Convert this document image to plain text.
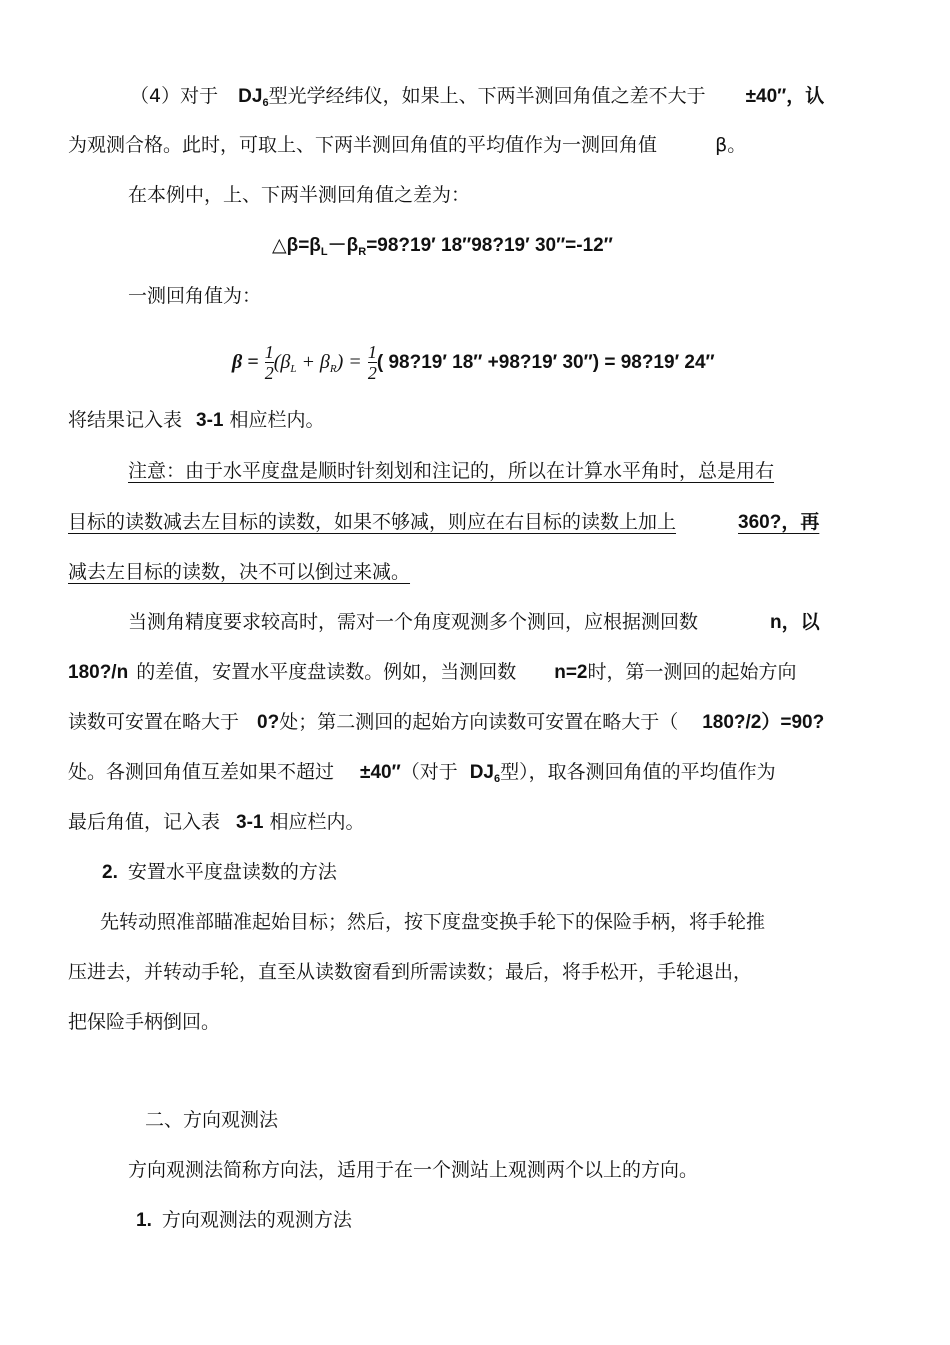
（4）对于 $DJ_6$型光学经纬仪，如果上、下两半测回角值之差不大于 ±40″，认
为观测合格。此时，可取上、下两半测回角值的平均值作为一测回角值	β。
在本例中，上、下两半测回角值之差为：
$\triangle\beta=\beta_L-\beta_R=98?19'$ 18″98?19′ 30″=-12″
一测回角值为：
$\beta = \frac{1}{2} (\beta_L + \beta_R) = \frac{1}{2}$ ( 98?19′ 18″ +98?19′ 30″) = 98?19′ 24″
将结果记入表 3-1 相应栏内。
注意：由于水平度盘是顺时针刻划和注记的，所以在计算水平角时，总是用右
目标的读数减去左目标的读数，如果不够减，则应在右目标的读数上加上	360?，再
减去左目标的读数，决不可以倒过来减。
当测角精度要求较高时，需对一个角度观测多个测回，应根据测回数	n，以
180?/n 的差值，安置水平度盘读数。例如，当测回数 n=2时，第一测回的起始方向
读数可安置在略大于 0?处；第二测回的起始方向读数可安置在略大于（ 180?/2）=90?
处。各测回角值互差如果不超过 ±40″（对于 $DJ_6$型），取各测回角值的平均值作为
最后角值，记入表 3-1 相应栏内。
2. 安置水平度盘读数的方法
先转动照准部瞄准起始目标；然后，按下度盘变换手轮下的保险手柄，将手轮推
压进去，并转动手轮，直至从读数窗看到所需读数；最后，将手松开，手轮退出，
把保险手柄倒回。
二、方向观测法
方向观测法简称方向法，适用于在一个测站上观测两个以上的方向。
1. 方向观测法的观测方法
